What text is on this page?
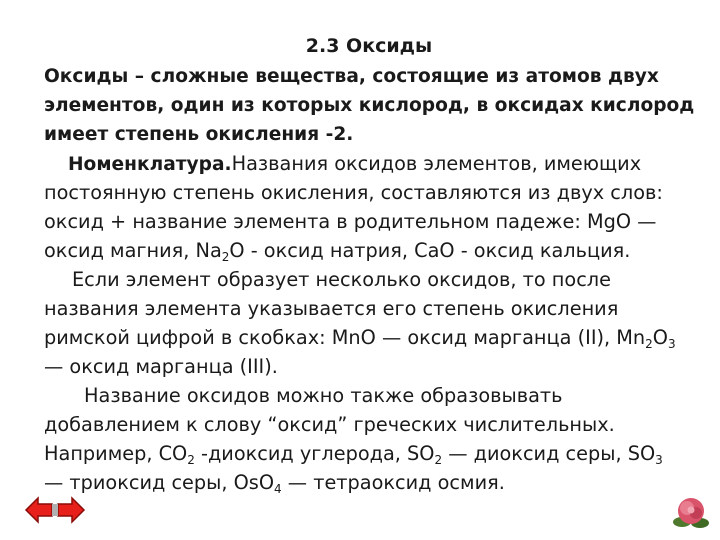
2.3 Оксиды
Оксиды – сложные вещества, состоящие из атомов двух
элементов, один из которых кислород, в оксидах кислород
имеет степень окисления -2.
Номенклатура.Названия оксидов элементов, имеющих
постоянную степень окисления, составляются из двух слов:
оксид + название элемента в родительном падеже: MgO —
оксид магния, $Na_2O$ - оксид натрия, CaO - оксид кальция.
Если элемент образует несколько оксидов, то после
названия элемента указывается его степень окисления
римской цифрой в скобках: MnO — оксид марганца (II), $Mn_2O_3$
— оксид марганца (III).
Название оксидов можно также образовывать
добавлением к слову “оксид” греческих числительных.
Например, $CO_2$ -диоксид углерода, $SO_2$ — диоксид серы, $SO_3$
— триоксид серы, OsO$_4$ — тетраоксид осмия.
